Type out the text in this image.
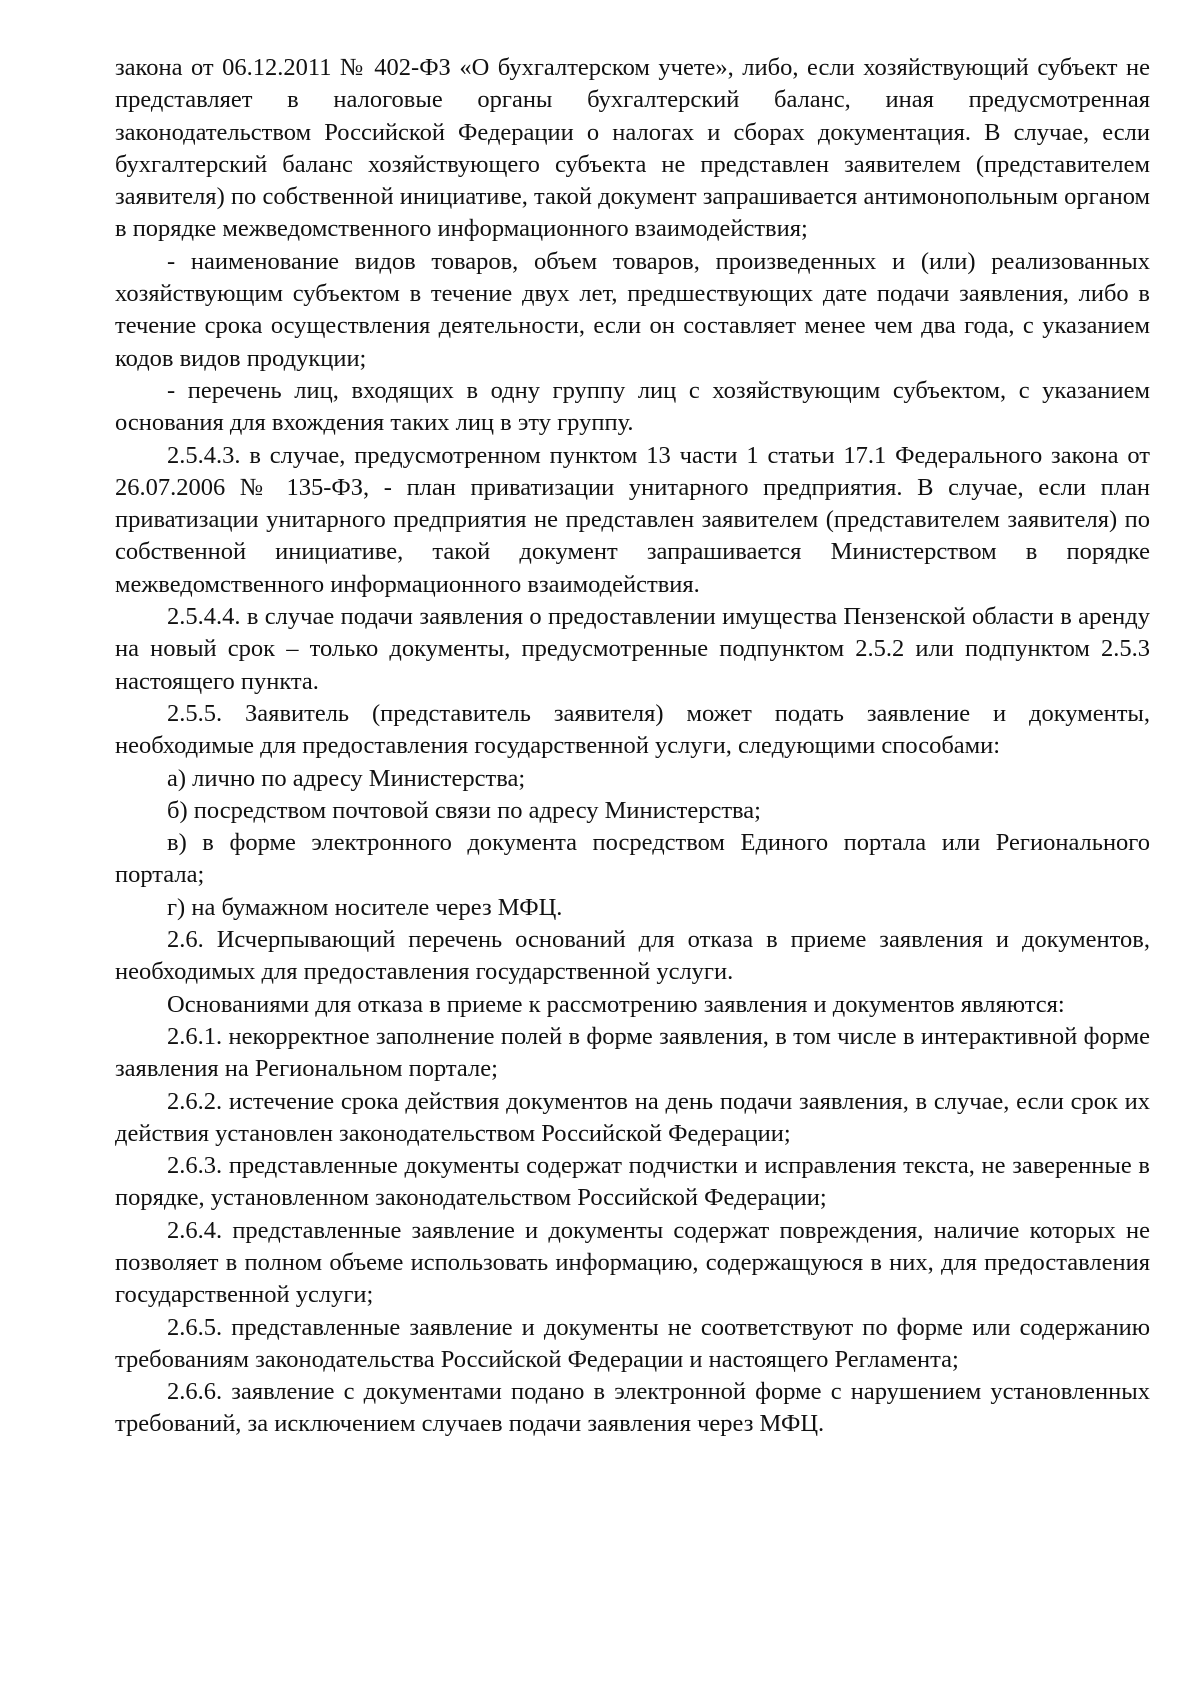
закона от 06.12.2011 № 402-ФЗ «О бухгалтерском учете», либо, если хозяйствующий субъект не представляет в налоговые органы бухгалтерский баланс, иная предусмотренная законодательством Российской Федерации о налогах и сборах документация. В случае, если бухгалтерский баланс хозяйствующего субъекта не представлен заявителем (представителем заявителя) по собственной инициативе, такой документ запрашивается антимонопольным органом в порядке межведомственного информационного взаимодействия;

- наименование видов товаров, объем товаров, произведенных и (или) реализованных хозяйствующим субъектом в течение двух лет, предшествующих дате подачи заявления, либо в течение срока осуществления деятельности, если он составляет менее чем два года, с указанием кодов видов продукции;

- перечень лиц, входящих в одну группу лиц с хозяйствующим субъектом, с указанием основания для вхождения таких лиц в эту группу.

2.5.4.3. в случае, предусмотренном пунктом 13 части 1 статьи 17.1 Федерального закона от 26.07.2006 № 135-ФЗ, - план приватизации унитарного предприятия. В случае, если план приватизации унитарного предприятия не представлен заявителем (представителем заявителя) по собственной инициативе, такой документ запрашивается Министерством в порядке межведомственного информационного взаимодействия.

2.5.4.4. в случае подачи заявления о предоставлении имущества Пензенской области в аренду на новый срок – только документы, предусмотренные подпунктом 2.5.2 или подпунктом 2.5.3 настоящего пункта.

2.5.5. Заявитель (представитель заявителя) может подать заявление и документы, необходимые для предоставления государственной услуги, следующими способами:

а) лично по адресу Министерства;

б) посредством почтовой связи по адресу Министерства;

в) в форме электронного документа посредством Единого портала или Регионального портала;

г) на бумажном носителе через МФЦ.

2.6. Исчерпывающий перечень оснований для отказа в приеме заявления и документов, необходимых для предоставления государственной услуги.

Основаниями для отказа в приеме к рассмотрению заявления и документов являются:

2.6.1. некорректное заполнение полей в форме заявления, в том числе в интерактивной форме заявления на Региональном портале;

2.6.2. истечение срока действия документов на день подачи заявления, в случае, если срок их действия установлен законодательством Российской Федерации;

2.6.3. представленные документы содержат подчистки и исправления текста, не заверенные в порядке, установленном законодательством Российской Федерации;

2.6.4. представленные заявление и документы содержат повреждения, наличие которых не позволяет в полном объеме использовать информацию, содержащуюся в них, для предоставления государственной услуги;

2.6.5. представленные заявление и документы не соответствуют по форме или содержанию требованиям законодательства Российской Федерации и настоящего Регламента;

2.6.6. заявление с документами подано в электронной форме с нарушением установленных требований, за исключением случаев подачи заявления через МФЦ.
